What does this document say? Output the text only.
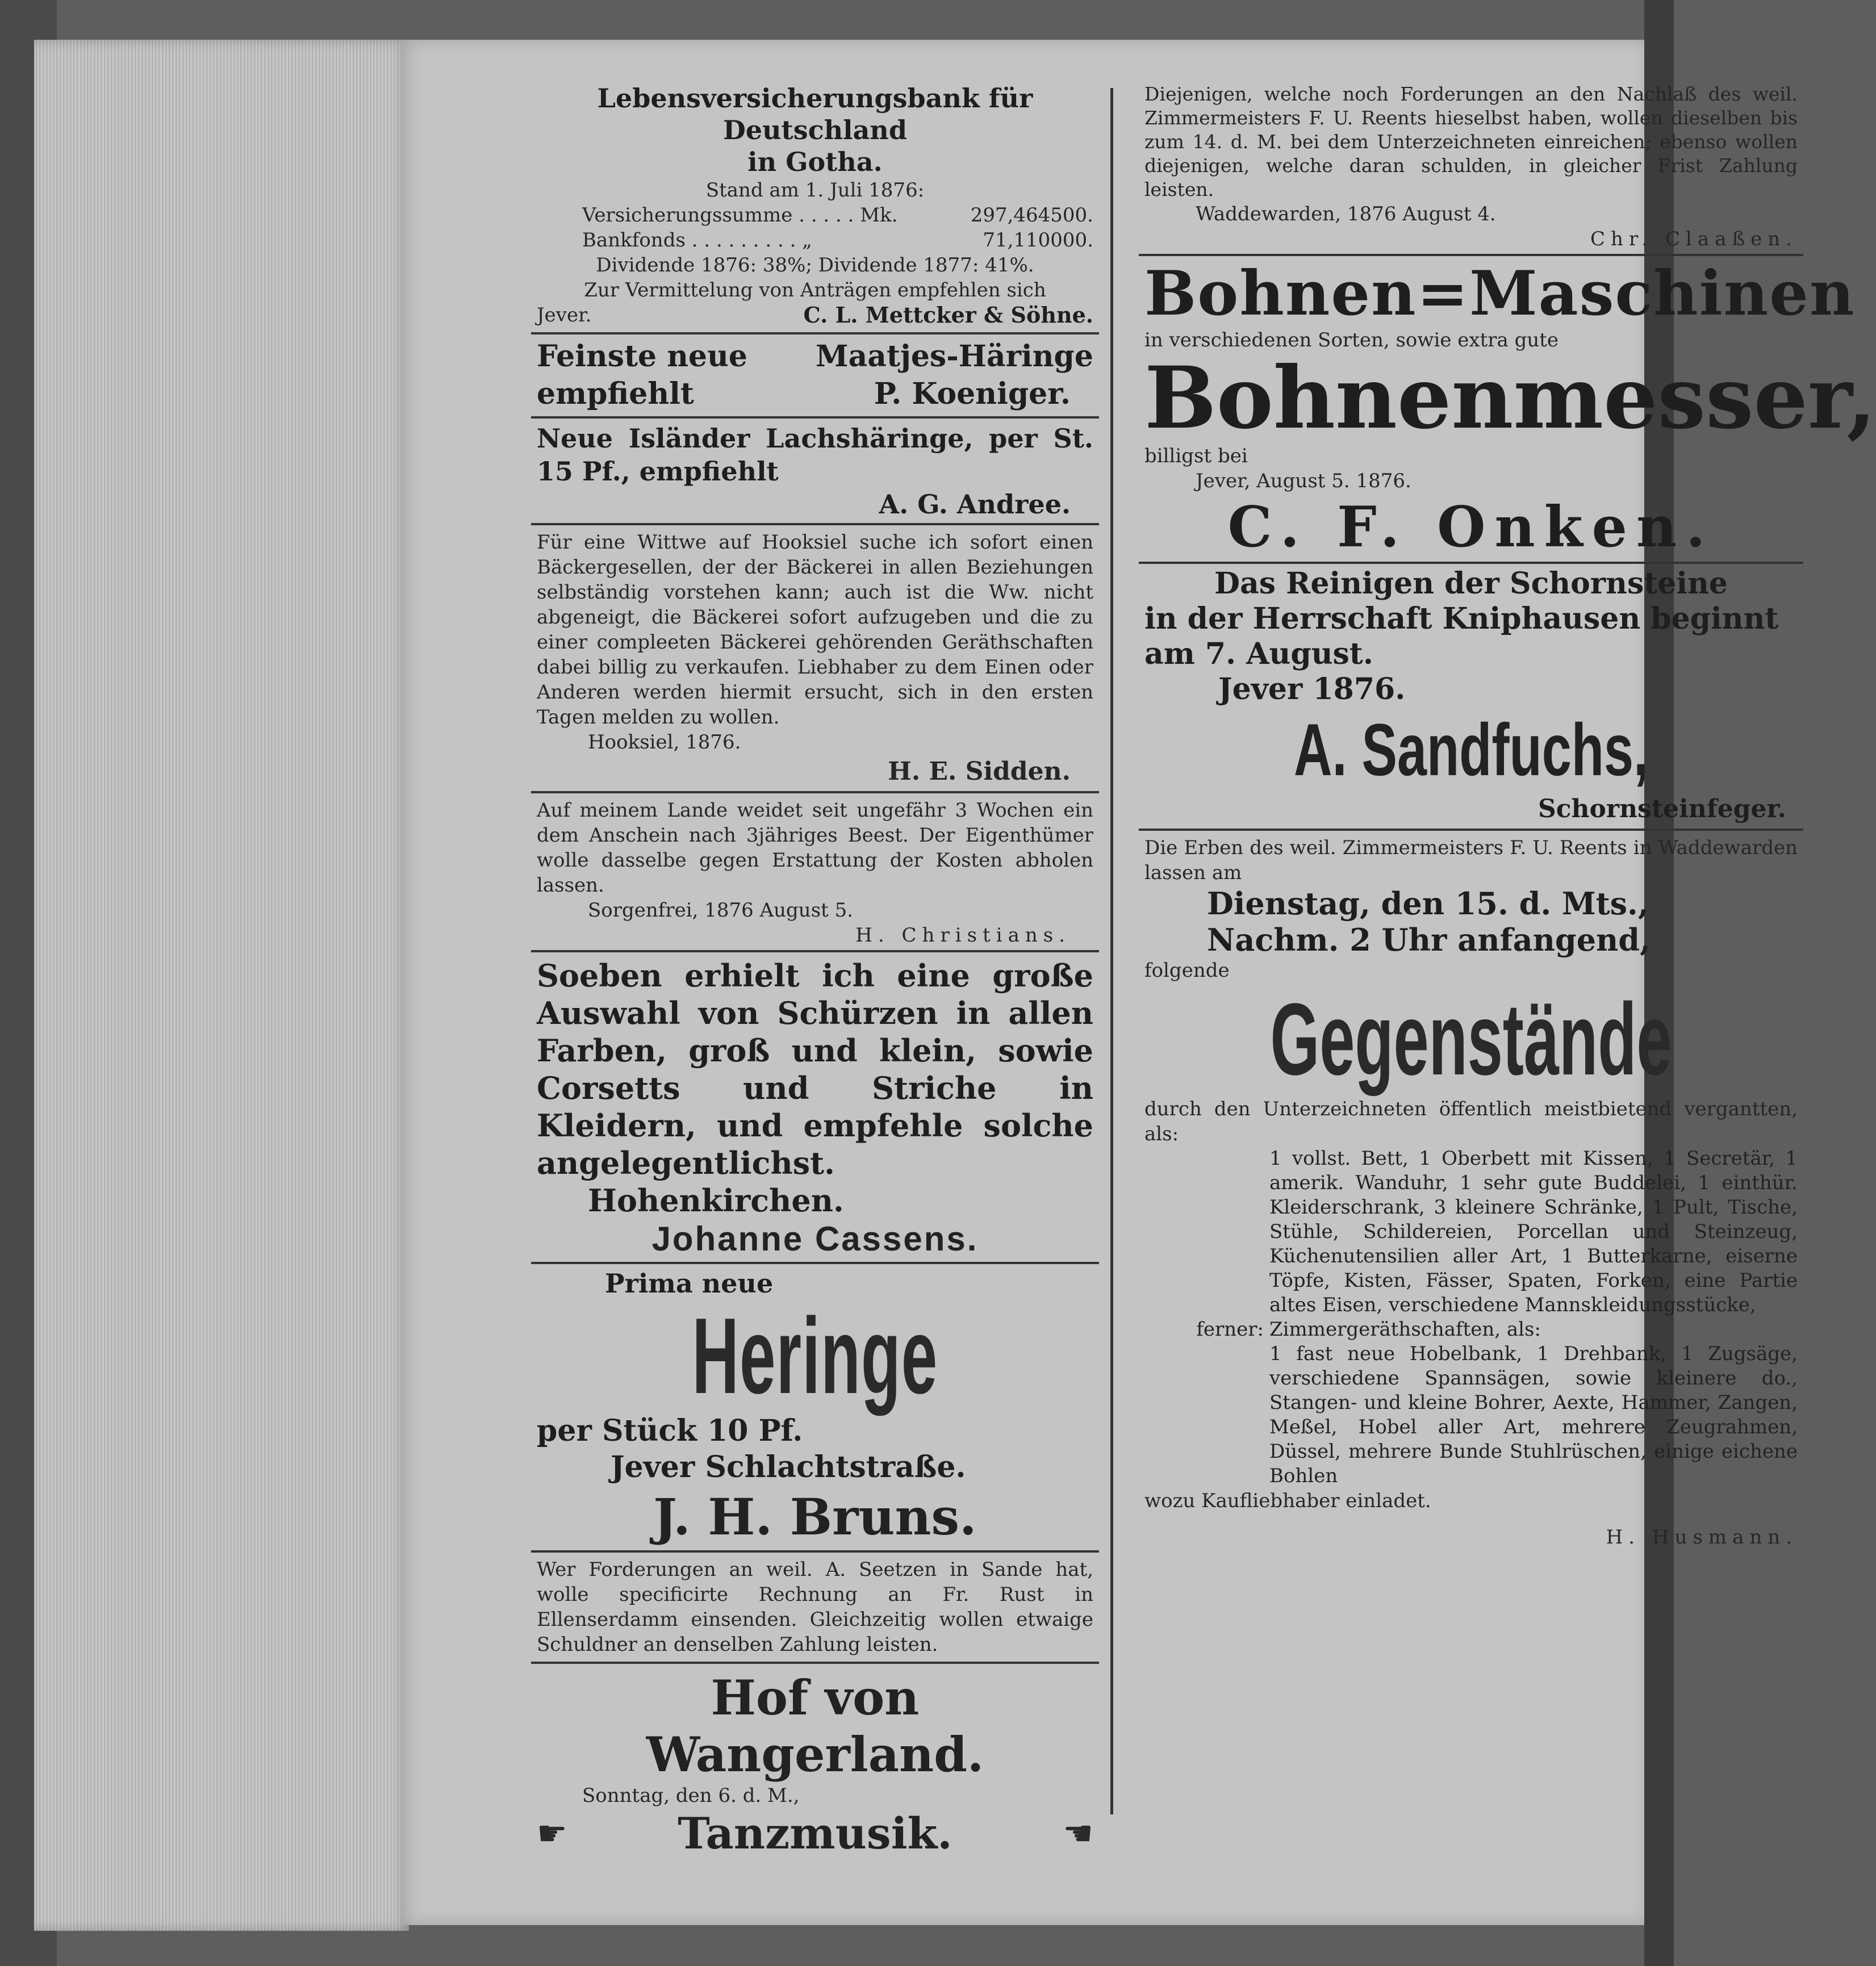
Lebensversicherungsbank für Deutschland
in Gotha.
Stand am 1. Juli 1876:
Versicherungssumme . . . . . Mk.	297,464500.
Bankfonds . . . . . . . . . „	71,110000.
Dividende 1876: 38%; Dividende 1877: 41%.
Zur Vermittelung von Anträgen empfehlen sich
Jever.	C. L. Mettcker & Söhne.
Feinste neue Maatjes-Häringe
empfiehlt	P. Koeniger.
Neue Isländer Lachshäringe, per St. 15 Pf., empfiehlt
A. G. Andree.
Für eine Wittwe auf Hooksiel suche ich sofort einen Bäckergesellen, der der Bäckerei in allen Beziehungen selbständig vorstehen kann; auch ist die Ww. nicht abgeneigt, die Bäckerei sofort aufzugeben und die zu einer compleeten Bäckerei gehörenden Geräthschaften dabei billig zu verkaufen. Liebhaber zu dem Einen oder Anderen werden hiermit ersucht, sich in den ersten Tagen melden zu wollen.
Hooksiel, 1876.
H. E. Sidden.
Auf meinem Lande weidet seit ungefähr 3 Wochen ein dem Anschein nach 3jähriges Beest. Der Eigenthümer wolle dasselbe gegen Erstattung der Kosten abholen lassen.
Sorgenfrei, 1876 August 5.
H. Christians.
Soeben erhielt ich eine große Auswahl von Schürzen in allen Farben, groß und klein, sowie Corsetts und Striche in Kleidern, und empfehle solche angelegentlichst.
Hohenkirchen.
Johanne Cassens.
Prima neue
Heringe
per Stück 10 Pf.
Jever Schlachtstraße.
J. H. Bruns.
Wer Forderungen an weil. A. Seetzen in Sande hat, wolle specificirte Rechnung an Fr. Rust in Ellenserdamm einsenden. Gleichzeitig wollen etwaige Schuldner an denselben Zahlung leisten.
Hof von Wangerland.
Sonntag, den 6. d. M.,
☛	Tanzmusik.	☚
Diejenigen, welche noch Forderungen an den Nachlaß des weil. Zimmermeisters F. U. Reents hieselbst haben, wollen dieselben bis zum 14. d. M. bei dem Unterzeichneten einreichen; ebenso wollen diejenigen, welche daran schulden, in gleicher Frist Zahlung leisten.
Waddewarden, 1876 August 4.
Chr. Claaßen.
Bohnen=Maschinen
in verschiedenen Sorten, sowie extra gute
Bohnenmesser,
billigst bei
Jever, August 5. 1876.
C. F. Onken.
Das Reinigen der Schornsteine
in der Herrschaft Kniphausen beginnt
am 7. August.
Jever 1876.
A. Sandfuchs,
Schornsteinfeger.
Die Erben des weil. Zimmermeisters F. U. Reents in Waddewarden lassen am
Dienstag, den 15. d. Mts.,
Nachm. 2 Uhr anfangend,
folgende
Gegenstände
durch den Unterzeichneten öffentlich meistbietend vergantten, als:
1 vollst. Bett, 1 Oberbett mit Kissen, 1 Secretär, 1 amerik. Wanduhr, 1 sehr gute Buddelei, 1 einthür. Kleiderschrank, 3 kleinere Schränke, 1 Pult, Tische, Stühle, Schildereien, Porcellan und Steinzeug, Küchenutensilien aller Art, 1 Butterkarne, eiserne Töpfe, Kisten, Fässer, Spaten, Forken, eine Partie altes Eisen, verschiedene Mannskleidungsstücke,
ferner: Zimmergeräthschaften, als:
1 fast neue Hobelbank, 1 Drehbank, 1 Zugsäge, verschiedene Spannsägen, sowie kleinere do., Stangen- und kleine Bohrer, Aexte, Hammer, Zangen, Meßel, Hobel aller Art, mehrere Zeugrahmen, Düssel, mehrere Bunde Stuhlrüschen, einige eichene Bohlen
wozu Kaufliebhaber einladet.
H. Husmann.
